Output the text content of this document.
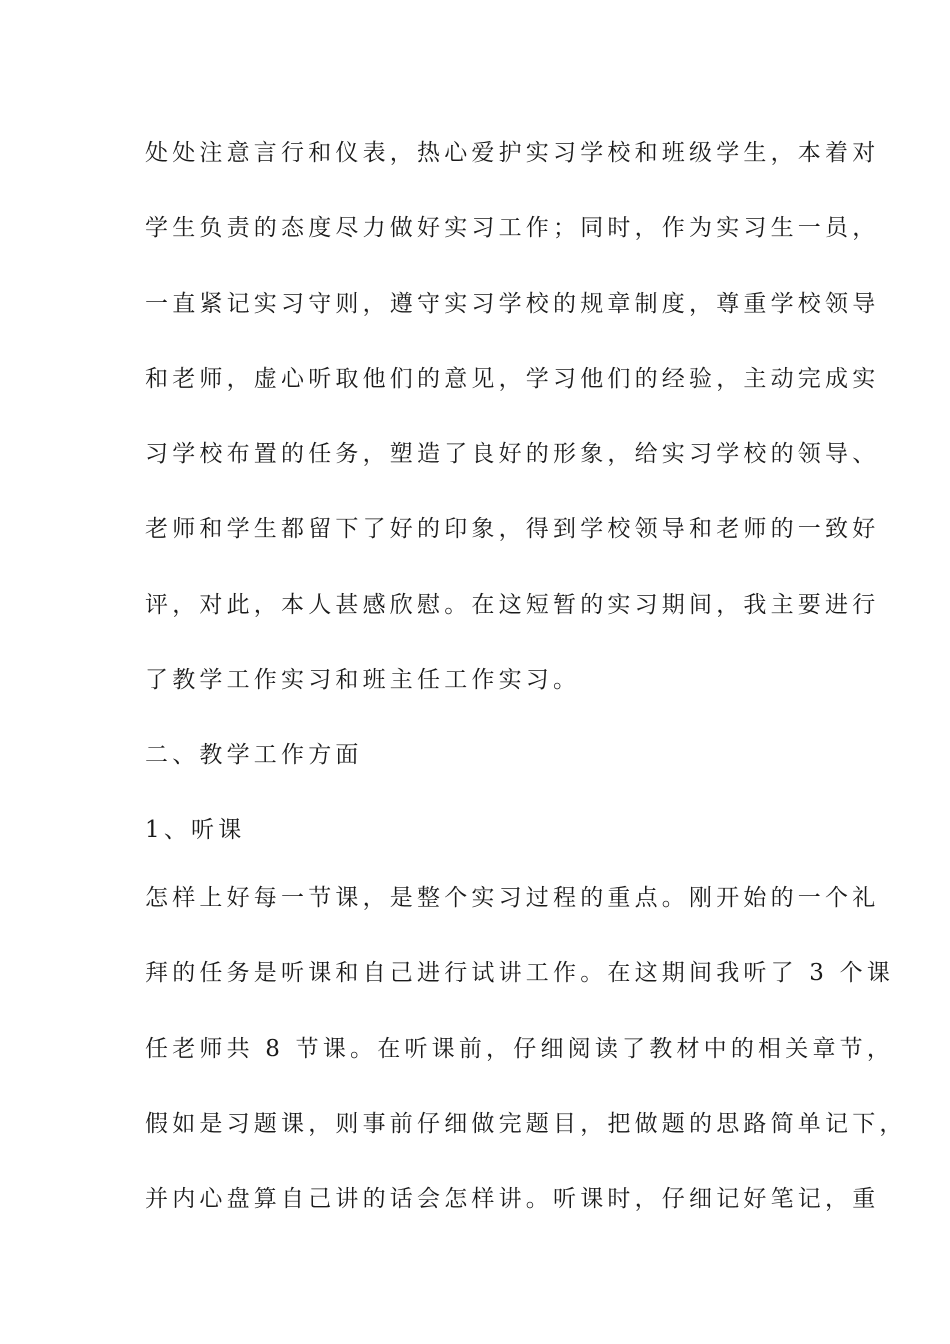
处处注意言行和仪表，热心爱护实习学校和班级学生，本着对
学生负责的态度尽力做好实习工作；同时，作为实习生一员，
一直紧记实习守则，遵守实习学校的规章制度，尊重学校领导
和老师，虚心听取他们的意见，学习他们的经验，主动完成实
习学校布置的任务，塑造了良好的形象，给实习学校的领导、
老师和学生都留下了好的印象，得到学校领导和老师的一致好
评，对此，本人甚感欣慰。在这短暂的实习期间，我主要进行
了教学工作实习和班主任工作实习。
二、教学工作方面
1、听课
怎样上好每一节课，是整个实习过程的重点。刚开始的一个礼
拜的任务是听课和自己进行试讲工作。在这期间我听了 3 个课
任老师共 8 节课。在听课前，仔细阅读了教材中的相关章节，
假如是习题课，则事前仔细做完题目，把做题的思路简单记下，
并内心盘算自己讲的话会怎样讲。听课时，仔细记好笔记，重
